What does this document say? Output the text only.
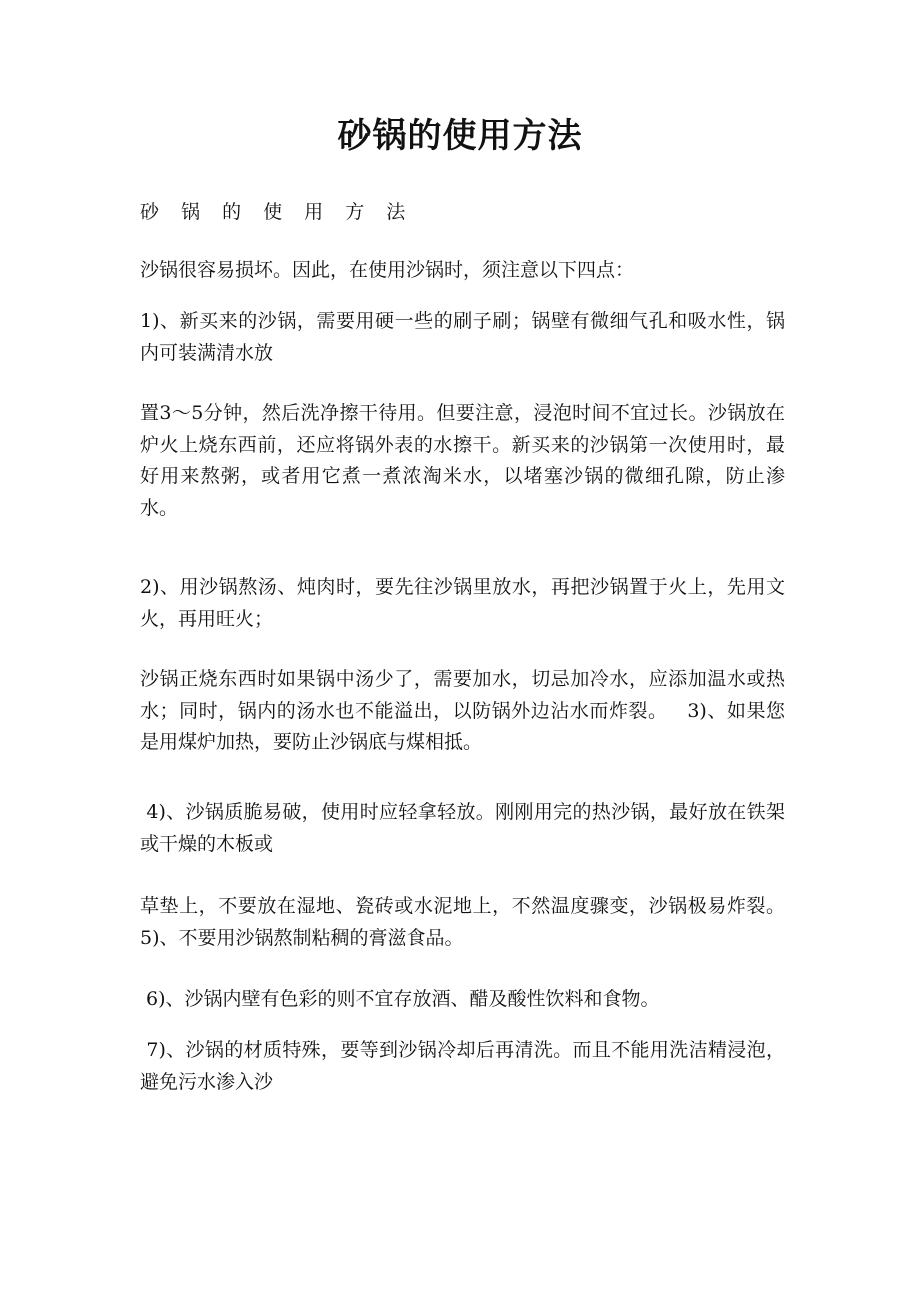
砂锅的使用方法

砂 锅 的 使 用 方 法

沙锅很容易损坏。因此，在使用沙锅时，须注意以下四点：

1)、新买来的沙锅，需要用硬一些的刷子刷；锅壁有微细气孔和吸水性，锅内可装满清水放

置3～5分钟，然后洗净擦干待用。但要注意，浸泡时间不宜过长。沙锅放在炉火上烧东西前，还应将锅外表的水擦干。新买来的沙锅第一次使用时，最好用来熬粥，或者用它煮一煮浓淘米水，以堵塞沙锅的微细孔隙，防止渗水。

2)、用沙锅熬汤、炖肉时，要先往沙锅里放水，再把沙锅置于火上，先用文火，再用旺火；

沙锅正烧东西时如果锅中汤少了，需要加水，切忌加冷水，应添加温水或热水；同时，锅内的汤水也不能溢出，以防锅外边沾水而炸裂。   3)、如果您是用煤炉加热，要防止沙锅底与煤相抵。

4)、沙锅质脆易破，使用时应轻拿轻放。刚刚用完的热沙锅，最好放在铁架或干燥的木板或

草垫上，不要放在湿地、瓷砖或水泥地上，不然温度骤变，沙锅极易炸裂。  5)、不要用沙锅熬制粘稠的膏滋食品。

6)、沙锅内壁有色彩的则不宜存放酒、醋及酸性饮料和食物。

7)、沙锅的材质特殊，要等到沙锅冷却后再清洗。而且不能用洗洁精浸泡，避免污水渗入沙
